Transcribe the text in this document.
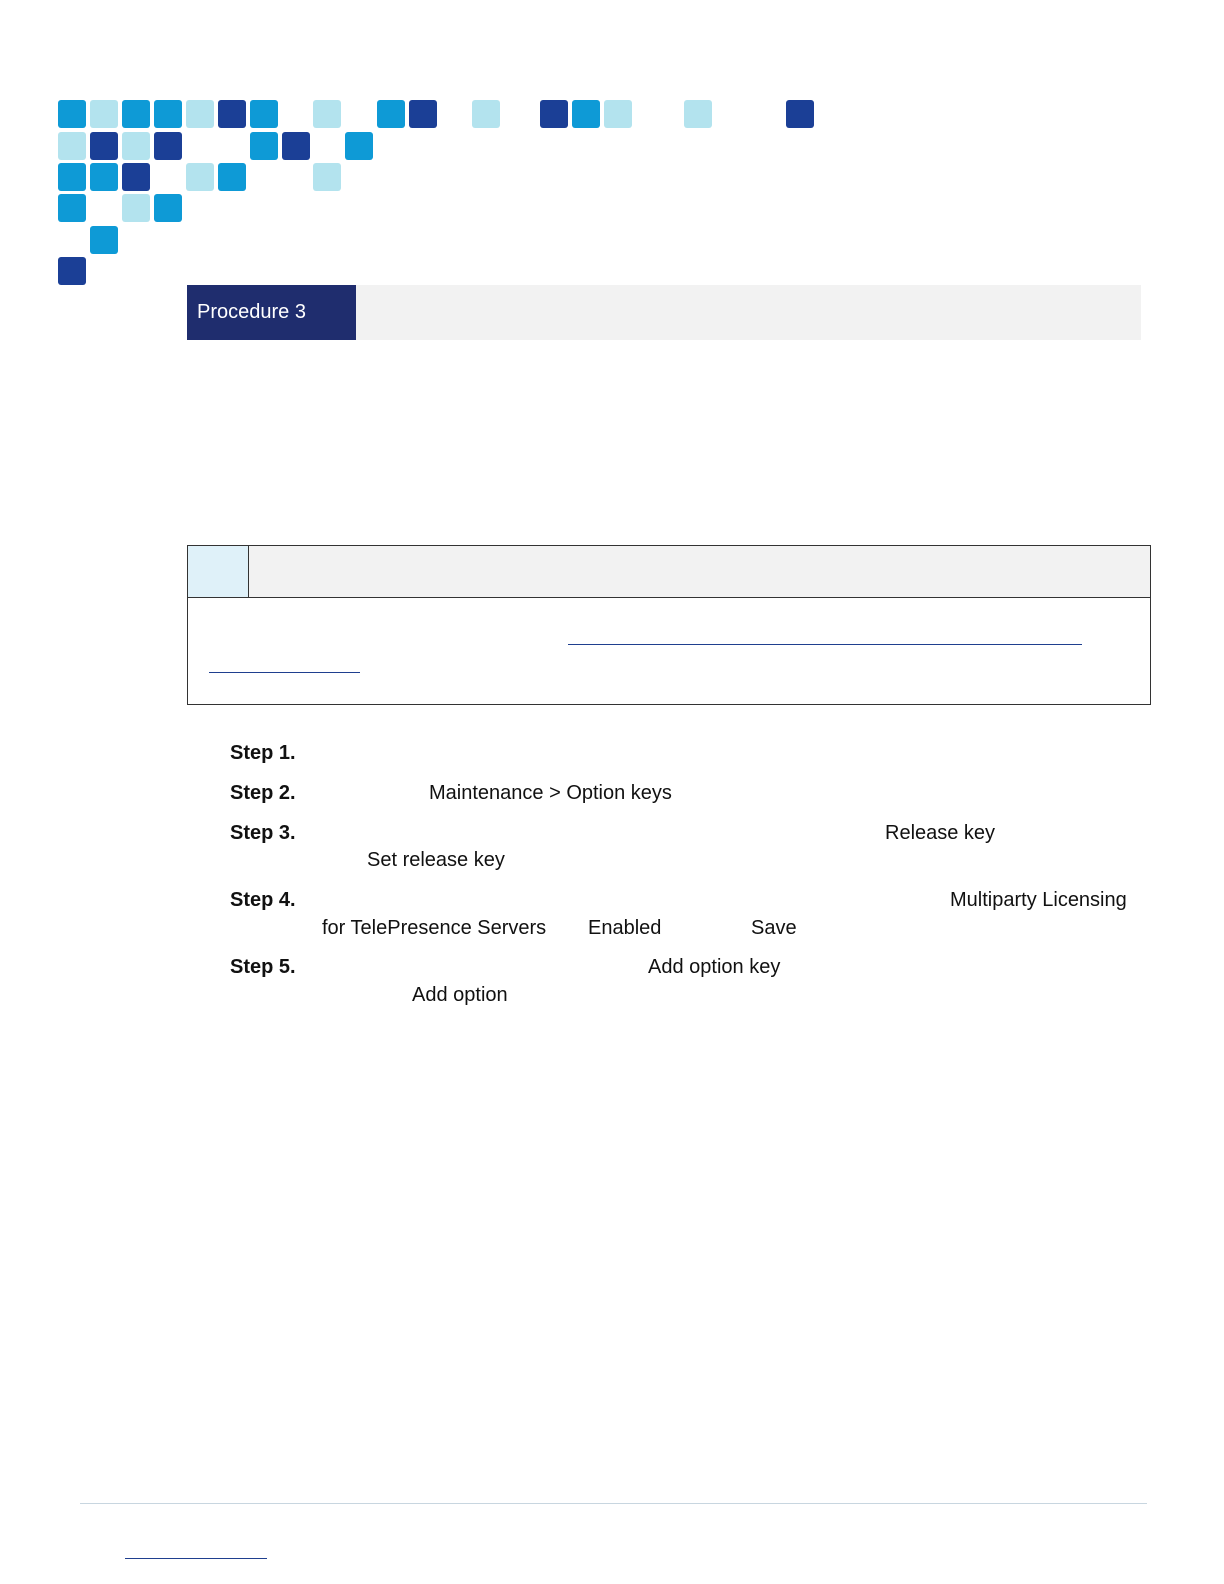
Procedure 3
Step 1.
Step 2.	Maintenance > Option keys
Step 3.	Release key
Set release key
Step 4.	Multiparty Licensing
for TelePresence Servers Enabled	Save
Step 5.	Add option key
Add option
